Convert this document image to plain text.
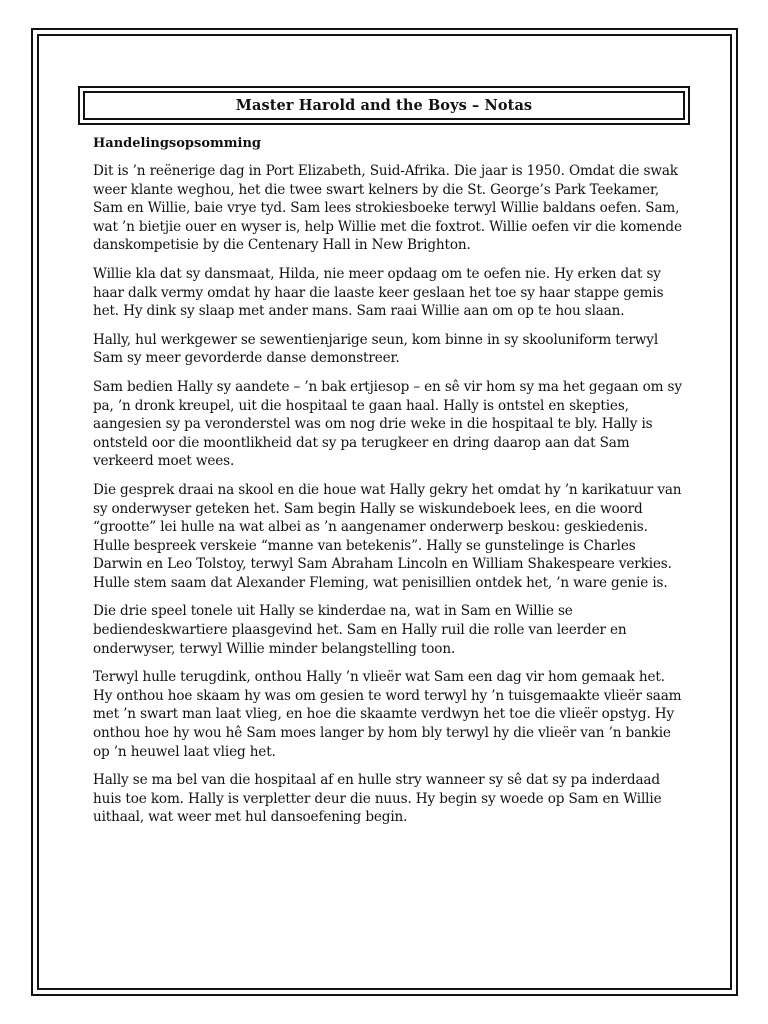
Master Harold and the Boys – Notas
Handelingsopsomming

Dit is ’n reënerige dag in Port Elizabeth, Suid-Afrika. Die jaar is 1950. Omdat die swak weer klante weghou, het die twee swart kelners by die St. George’s Park Teekamer, Sam en Willie, baie vrye tyd. Sam lees strokiesboeke terwyl Willie baldans oefen. Sam, wat ’n bietjie ouer en wyser is, help Willie met die foxtrot. Willie oefen vir die komende danskompetisie by die Centenary Hall in New Brighton.

Willie kla dat sy dansmaat, Hilda, nie meer opdaag om te oefen nie. Hy erken dat sy haar dalk vermy omdat hy haar die laaste keer geslaan het toe sy haar stappe gemis het. Hy dink sy slaap met ander mans. Sam raai Willie aan om op te hou slaan.

Hally, hul werkgewer se sewentienjarige seun, kom binne in sy skooluniform terwyl Sam sy meer gevorderde danse demonstreer.

Sam bedien Hally sy aandete – ’n bak ertjiesop – en sê vir hom sy ma het gegaan om sy pa, ’n dronk kreupel, uit die hospitaal te gaan haal. Hally is ontstel en skepties, aangesien sy pa veronderstel was om nog drie weke in die hospitaal te bly. Hally is ontsteld oor die moontlikheid dat sy pa terugkeer en dring daarop aan dat Sam verkeerd moet wees.

Die gesprek draai na skool en die houe wat Hally gekry het omdat hy ’n karikatuur van sy onderwyser geteken het. Sam begin Hally se wiskundeboek lees, en die woord “grootte” lei hulle na wat albei as ’n aangenamer onderwerp beskou: geskiedenis. Hulle bespreek verskeie “manne van betekenis”. Hally se gunstelinge is Charles Darwin en Leo Tolstoy, terwyl Sam Abraham Lincoln en William Shakespeare verkies. Hulle stem saam dat Alexander Fleming, wat penisillien ontdek het, ’n ware genie is.

Die drie speel tonele uit Hally se kinderdae na, wat in Sam en Willie se bediendeskwartiere plaasgevind het. Sam en Hally ruil die rolle van leerder en onderwyser, terwyl Willie minder belangstelling toon.

Terwyl hulle terugdink, onthou Hally ’n vlieër wat Sam een dag vir hom gemaak het. Hy onthou hoe skaam hy was om gesien te word terwyl hy ’n tuisgemaakte vlieër saam met ’n swart man laat vlieg, en hoe die skaamte verdwyn het toe die vlieër opstyg. Hy onthou hoe hy wou hê Sam moes langer by hom bly terwyl hy die vlieër van ’n bankie op ’n heuwel laat vlieg het.

Hally se ma bel van die hospitaal af en hulle stry wanneer sy sê dat sy pa inderdaad huis toe kom. Hally is verpletter deur die nuus. Hy begin sy woede op Sam en Willie uithaal, wat weer met hul dansoefening begin.
